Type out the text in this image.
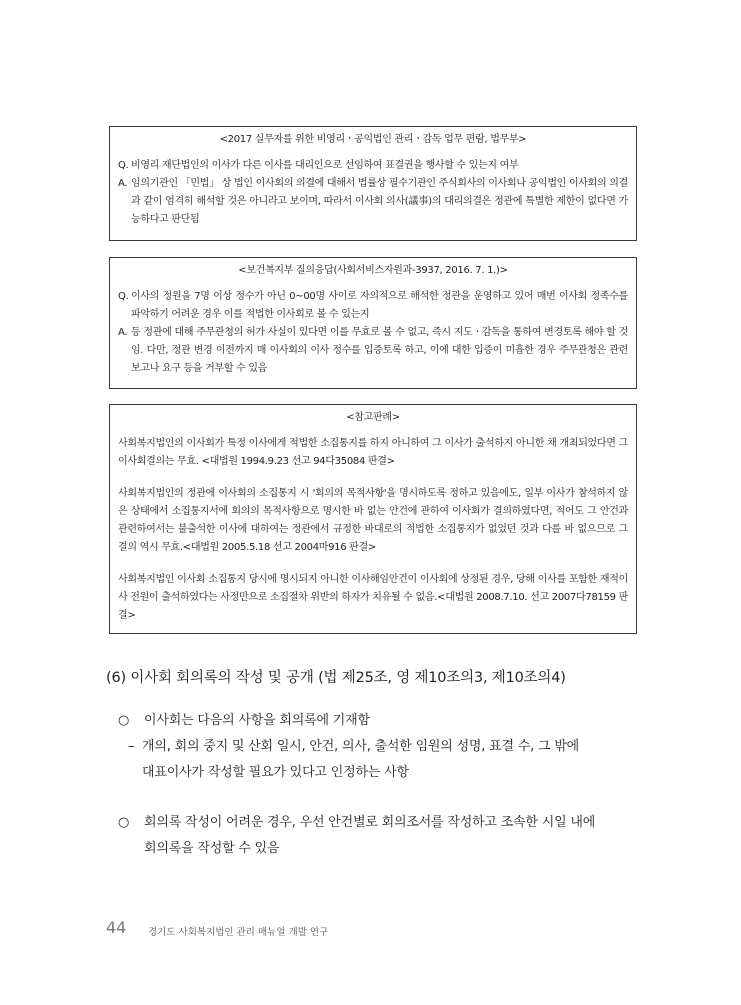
<2017 실무자를 위한 비영리ㆍ공익법인 관리ㆍ감독 업무 편람, 법무부>
Q. 비영리 재단법인의 이사가 다른 이사를 대리인으로 선임하여 표결권을 행사할 수 있는지 여부
A. 임의기관인 「민법」 상 법인 이사회의 의결에 대해서 법률상 필수기관인 주식회사의 이사회나 공익법인 이사회의 의결과 같이 엄격히 해석할 것은 아니라고 보이며, 따라서 이사회 의사(議事)의 대리의결은 정관에 특별한 제한이 없다면 가능하다고 판단됨
<보건복지부 질의응답(사회서비스자원과-3937, 2016. 7. 1.)>
Q. 이사의 정원을 7명 이상 정수가 아닌 0~00명 사이로 자의적으로 해석한 정관을 운영하고 있어 매번 이사회 정족수를 파악하기 어려운 경우 이를 적법한 이사회로 볼 수 있는지
A. 등 정관에 대해 주무관청의 허가 사실이 있다면 이를 무효로 볼 수 없고, 즉시 지도ㆍ감독을 통하여 변경토록 해야 할 것임. 다만, 정관 변경 이전까지 매 이사회의 이사 정수를 입증토록 하고, 이에 대한 입증이 미흡한 경우 주무관청은 관련 보고나 요구 등을 거부할 수 있음
<참고판례>
사회복지법인의 이사회가 특정 이사에게 적법한 소집통지를 하지 아니하여 그 이사가 출석하지 아니한 채 개최되었다면 그 이사회결의는 무효. <대법원 1994.9.23 선고 94다35084 판결>
사회복지법인의 정관에 이사회의 소집통지 시 '회의의 목적사항'을 명시하도록 정하고 있음에도, 일부 이사가 참석하지 않은 상태에서 소집통지서에 회의의 목적사항으로 명시한 바 없는 안건에 관하여 이사회가 결의하였다면, 적어도 그 안건과 관련하여서는 불출석한 이사에 대하여는 정관에서 규정한 바대로의 적법한 소집통지가 없었던 것과 다를 바 없으므로 그 결의 역시 무효.<대법원 2005.5.18 선고 2004마916 판결>
사회복지법인 이사회 소집통지 당시에 명시되지 아니한 이사해임안건이 이사회에 상정된 경우, 당해 이사를 포함한 재적이사 전원이 출석하였다는 사정만으로 소집절차 위반의 하자가 치유될 수 없음.<대법원 2008.7.10. 선고 2007다78159 판결>
(6) 이사회 회의록의 작성 및 공개 (법 제25조, 영 제10조의3, 제10조의4)
○ 이사회는 다음의 사항을 회의록에 기재함
– 개의, 회의 중지 및 산회 일시, 안건, 의사, 출석한 임원의 성명, 표결 수, 그 밖에
대표이사가 작성할 필요가 있다고 인정하는 사항
○ 회의록 작성이 어려운 경우, 우선 안건별로 회의조서를 작성하고 조속한 시일 내에
회의록을 작성할 수 있음
44 경기도 사회복지법인 관리 매뉴얼 개발 연구
